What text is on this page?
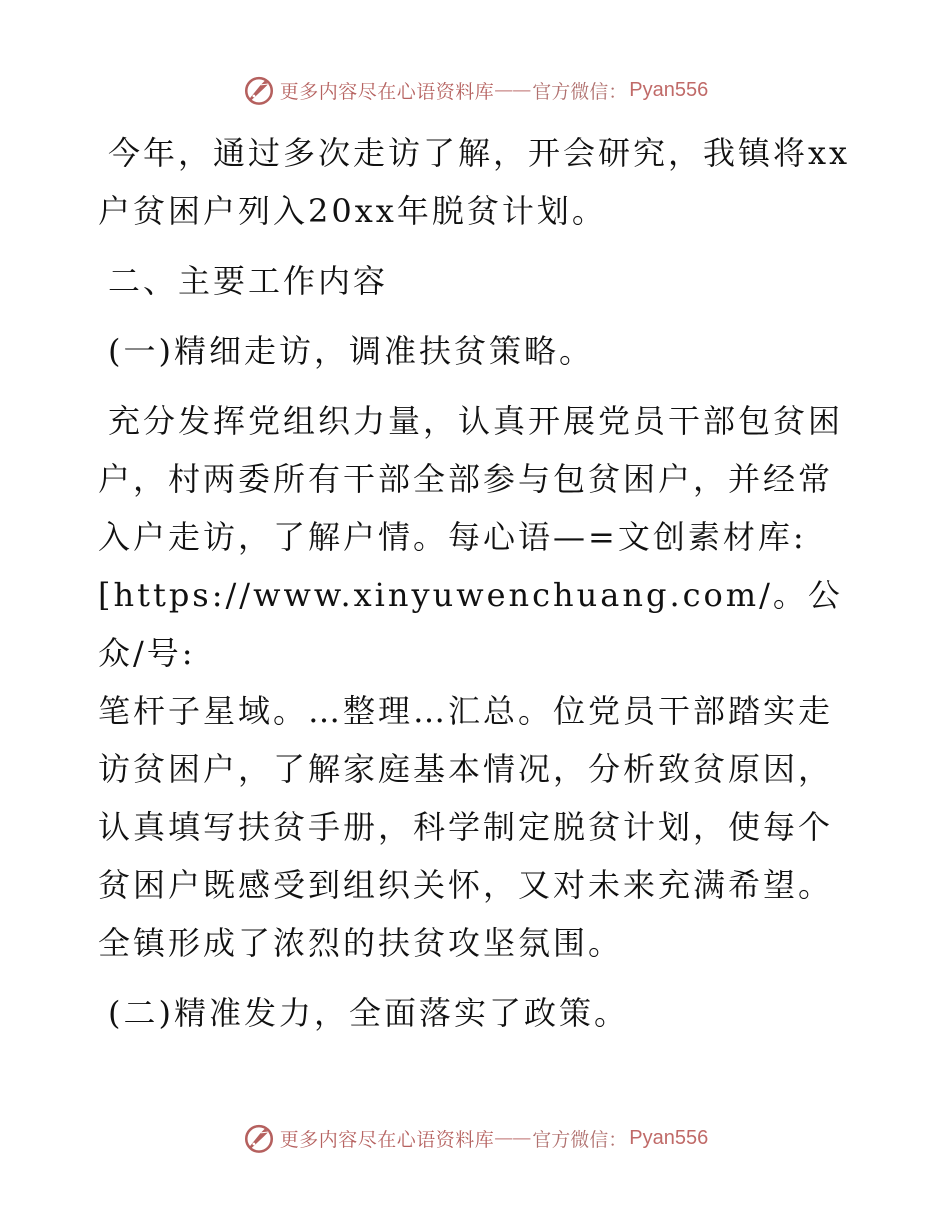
更多内容尽在心语资料库 —— 官方微信： Pyan556

今年，通过多次走访了解，开会研究，我镇将xx户贫困户列入20xx年脱贫计划。

二、主要工作内容

(一)精细走访，调准扶贫策略。

充分发挥党组织力量，认真开展党员干部包贫困户，村两委所有干部全部参与包贫困户，并经常入户走访，了解户情。每心语—=文创素材库:

[https://www.xinyuwenchuang.com/。公众/号:

笔杆子星域。…整理…汇总。位党员干部踏实走访贫困户，了解家庭基本情况，分析致贫原因，认真填写扶贫手册，科学制定脱贫计划，使每个贫困户既感受到组织关怀，又对未来充满希望。全镇形成了浓烈的扶贫攻坚氛围。

(二)精准发力，全面落实了政策。

更多内容尽在心语资料库 —— 官方微信： Pyan556
